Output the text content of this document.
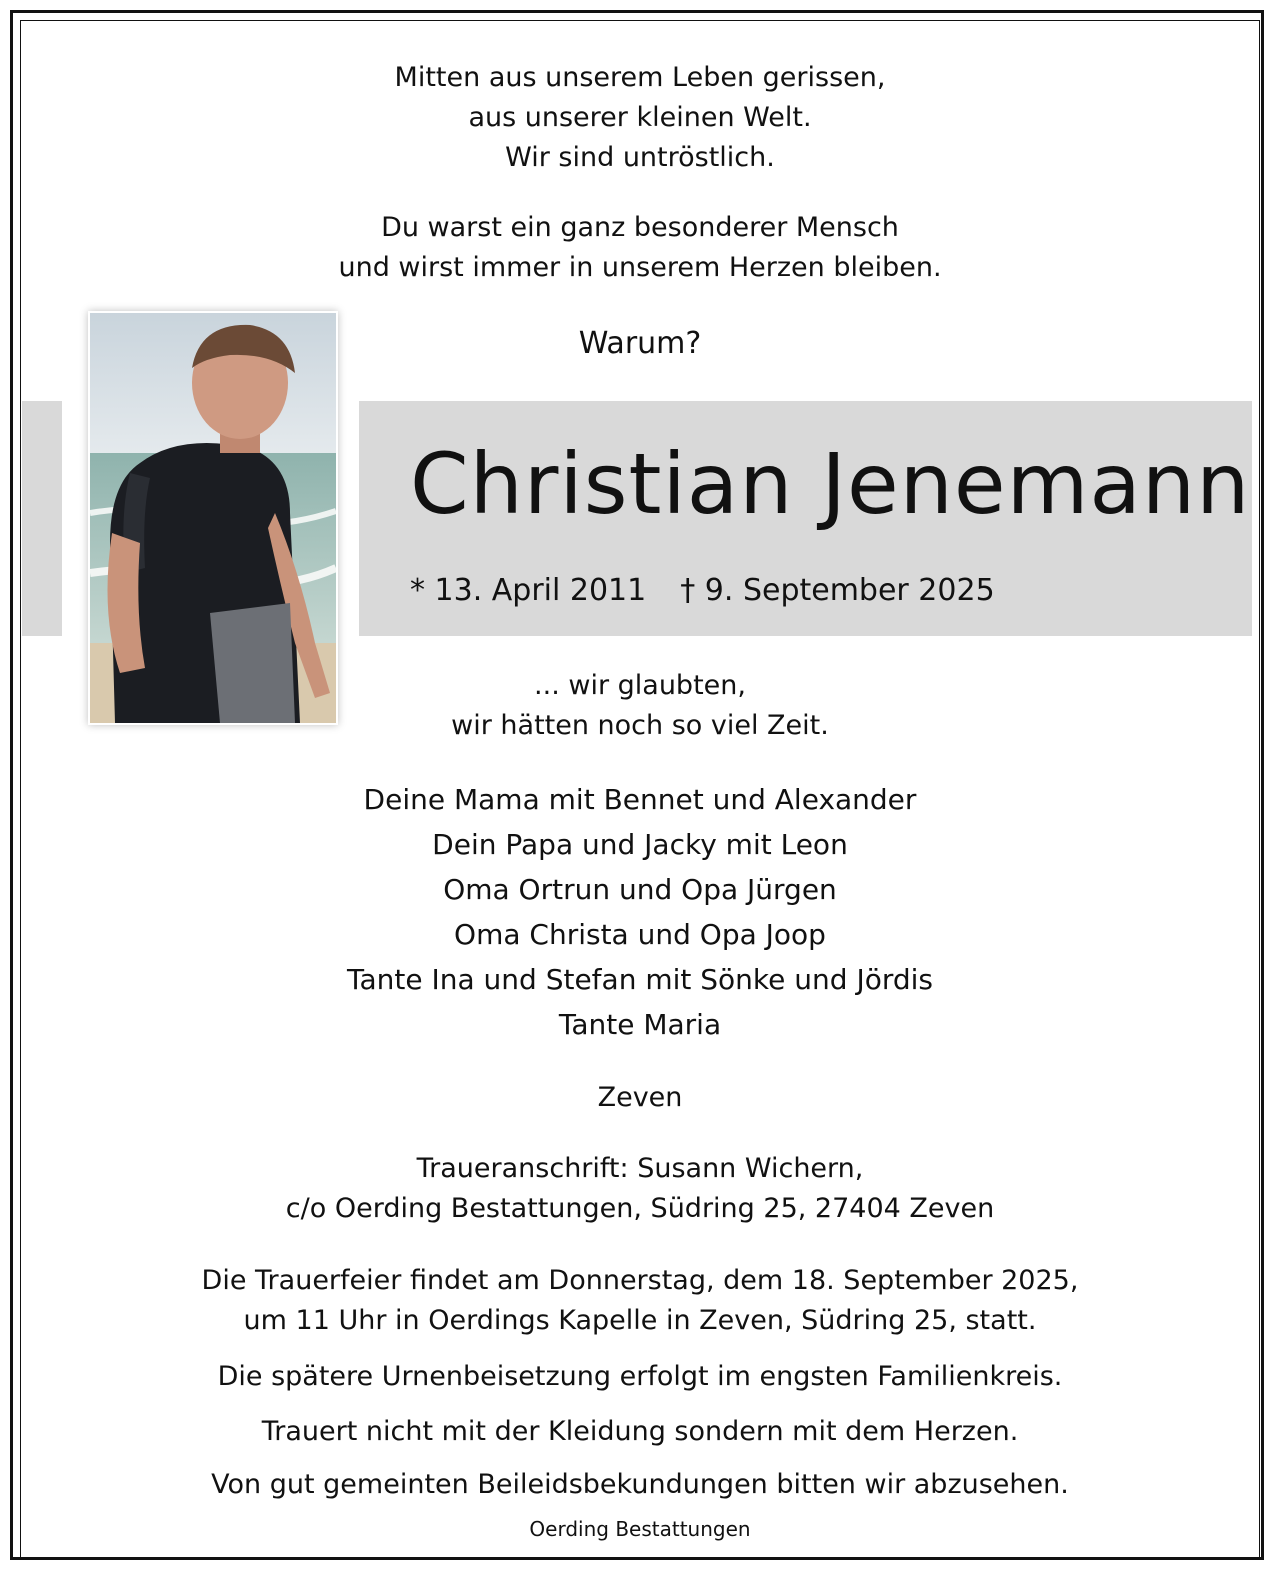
Mitten aus unserem Leben gerissen,
aus unserer kleinen Welt.
Wir sind untröstlich.
Du warst ein ganz besonderer Mensch
und wirst immer in unserem Herzen bleiben.
Warum?
Christian Jenemann
* 13. April 2011 † 9. September 2025
... wir glaubten,
wir hätten noch so viel Zeit.
Deine Mama mit Bennet und Alexander
Dein Papa und Jacky mit Leon
Oma Ortrun und Opa Jürgen
Oma Christa und Opa Joop
Tante Ina und Stefan mit Sönke und Jördis
Tante Maria
Zeven
Traueranschrift: Susann Wichern,
c/o Oerding Bestattungen, Südring 25, 27404 Zeven
Die Trauerfeier findet am Donnerstag, dem 18. September 2025,
um 11 Uhr in Oerdings Kapelle in Zeven, Südring 25, statt.
Die spätere Urnenbeisetzung erfolgt im engsten Familienkreis.
Trauert nicht mit der Kleidung sondern mit dem Herzen.
Von gut gemeinten Beileidsbekundungen bitten wir abzusehen.
Oerding Bestattungen
